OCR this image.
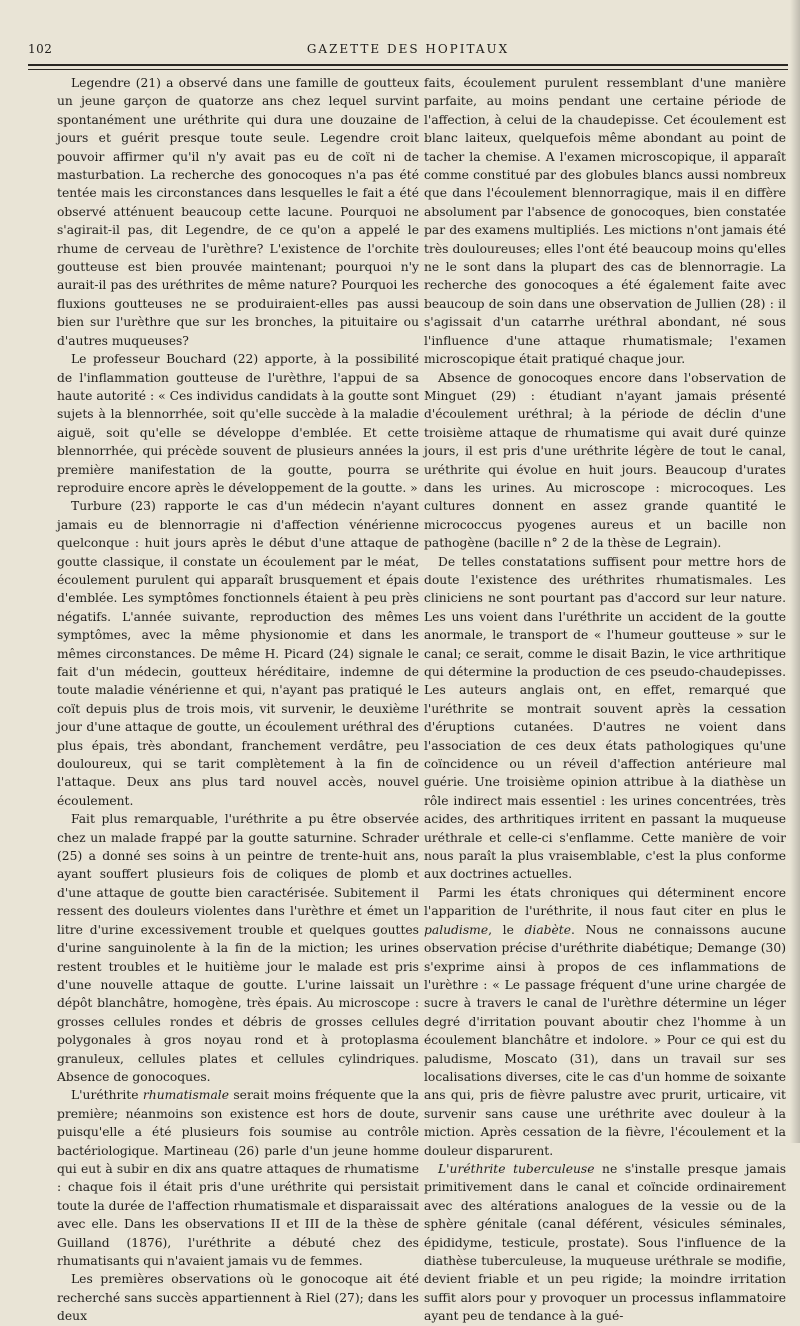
102	GAZETTE DES HOPITAUX

Legendre (21) a observé dans une famille de goutteux un jeune garçon de quatorze ans chez lequel survint spontanément une uréthrite qui dura une douzaine de jours et guérit presque toute seule. Legendre croit pouvoir affirmer qu'il n'y avait pas eu de coït ni de masturbation. La recherche des gonocoques n'a pas été tentée mais les circonstances dans lesquelles le fait a été observé atténuent beaucoup cette lacune. Pourquoi ne s'agirait-il pas, dit Legendre, de ce qu'on a appelé le rhume de cerveau de l'urèthre? L'existence de l'orchite goutteuse est bien prouvée maintenant; pourquoi n'y aurait-il pas des uréthrites de même nature? Pourquoi les fluxions goutteuses ne se produiraient-elles pas aussi bien sur l'urèthre que sur les bronches, la pituitaire ou d'autres muqueuses?

Le professeur Bouchard (22) apporte, à la possibilité de l'inflammation goutteuse de l'urèthre, l'appui de sa haute autorité : « Ces individus candidats à la goutte sont sujets à la blennorrhée, soit qu'elle succède à la maladie aiguë, soit qu'elle se développe d'emblée. Et cette blennorrhée, qui précède souvent de plusieurs années la première manifestation de la goutte, pourra se reproduire encore après le développement de la goutte. »

Turbure (23) rapporte le cas d'un médecin n'ayant jamais eu de blennorragie ni d'affection vénérienne quelconque : huit jours après le début d'une attaque de goutte classique, il constate un écoulement par le méat, écoulement purulent qui apparaît brusquement et épais d'emblée. Les symptômes fonctionnels étaient à peu près négatifs. L'année suivante, reproduction des mêmes symptômes, avec la même physionomie et dans les mêmes circonstances. De même H. Picard (24) signale le fait d'un médecin, goutteux héréditaire, indemne de toute maladie vénérienne et qui, n'ayant pas pratiqué le coït depuis plus de trois mois, vit survenir, le deuxième jour d'une attaque de goutte, un écoulement uréthral des plus épais, très abondant, franchement verdâtre, peu douloureux, qui se tarit complètement à la fin de l'attaque. Deux ans plus tard nouvel accès, nouvel écoulement.

Fait plus remarquable, l'uréthrite a pu être observée chez un malade frappé par la goutte saturnine. Schrader (25) a donné ses soins à un peintre de trente-huit ans, ayant souffert plusieurs fois de coliques de plomb et d'une attaque de goutte bien caractérisée. Subitement il ressent des douleurs violentes dans l'urèthre et émet un litre d'urine excessivement trouble et quelques gouttes d'urine sanguinolente à la fin de la miction; les urines restent troubles et le huitième jour le malade est pris d'une nouvelle attaque de goutte. L'urine laissait un dépôt blanchâtre, homogène, très épais. Au microscope : grosses cellules rondes et débris de grosses cellules polygonales à gros noyau rond et à protoplasma granuleux, cellules plates et cellules cylindriques. Absence de gonocoques.

L'uréthrite rhumatismale serait moins fréquente que la première; néanmoins son existence est hors de doute, puisqu'elle a été plusieurs fois soumise au contrôle bactériologique. Martineau (26) parle d'un jeune homme qui eut à subir en dix ans quatre attaques de rhumatisme : chaque fois il était pris d'une uréthrite qui persistait toute la durée de l'affection rhumatismale et disparaissait avec elle. Dans les observations II et III de la thèse de Guilland (1876), l'uréthrite a débuté chez des rhumatisants qui n'avaient jamais vu de femmes.

Les premières observations où le gonocoque ait été recherché sans succès appartiennent à Riel (27); dans les deux

faits, écoulement purulent ressemblant d'une manière parfaite, au moins pendant une certaine période de l'affection, à celui de la chaudepisse. Cet écoulement est blanc laiteux, quelquefois même abondant au point de tacher la chemise. A l'examen microscopique, il apparaît comme constitué par des globules blancs aussi nombreux que dans l'écoulement blennorragique, mais il en diffère absolument par l'absence de gonocoques, bien constatée par des examens multipliés. Les mictions n'ont jamais été très douloureuses; elles l'ont été beaucoup moins qu'elles ne le sont dans la plupart des cas de blennorragie. La recherche des gonocoques a été également faite avec beaucoup de soin dans une observation de Jullien (28) : il s'agissait d'un catarrhe uréthral abondant, né sous l'influence d'une attaque rhumatismale; l'examen microscopique était pratiqué chaque jour.

Absence de gonocoques encore dans l'observation de Minguet (29) : étudiant n'ayant jamais présenté d'écoulement uréthral; à la période de déclin d'une troisième attaque de rhumatisme qui avait duré quinze jours, il est pris d'une uréthrite légère de tout le canal, uréthrite qui évolue en huit jours. Beaucoup d'urates dans les urines. Au microscope : microcoques. Les cultures donnent en assez grande quantité le micrococcus pyogenes aureus et un bacille non pathogène (bacille n° 2 de la thèse de Legrain).

De telles constatations suffisent pour mettre hors de doute l'existence des uréthrites rhumatismales. Les cliniciens ne sont pourtant pas d'accord sur leur nature. Les uns voient dans l'uréthrite un accident de la goutte anormale, le transport de « l'humeur goutteuse » sur le canal; ce serait, comme le disait Bazin, le vice arthritique qui détermine la production de ces pseudo-chaudepisses. Les auteurs anglais ont, en effet, remarqué que l'uréthrite se montrait souvent après la cessation d'éruptions cutanées. D'autres ne voient dans l'association de ces deux états pathologiques qu'une coïncidence ou un réveil d'affection antérieure mal guérie. Une troisième opinion attribue à la diathèse un rôle indirect mais essentiel : les urines concentrées, très acides, des arthritiques irritent en passant la muqueuse uréthrale et celle-ci s'enflamme. Cette manière de voir nous paraît la plus vraisemblable, c'est la plus conforme aux doctrines actuelles.

Parmi les états chroniques qui déterminent encore l'apparition de l'uréthrite, il nous faut citer en plus le paludisme, le diabète. Nous ne connaissons aucune observation précise d'uréthrite diabétique; Demange (30) s'exprime ainsi à propos de ces inflammations de l'urèthre : « Le passage fréquent d'une urine chargée de sucre à travers le canal de l'urèthre détermine un léger degré d'irritation pouvant aboutir chez l'homme à un écoulement blanchâtre et indolore. » Pour ce qui est du paludisme, Moscato (31), dans un travail sur ses localisations diverses, cite le cas d'un homme de soixante ans qui, pris de fièvre palustre avec prurit, urticaire, vit survenir sans cause une uréthrite avec douleur à la miction. Après cessation de la fièvre, l'écoulement et la douleur disparurent.

L'uréthrite tuberculeuse ne s'installe presque jamais primitivement dans le canal et coïncide ordinairement avec des altérations analogues de la vessie ou de la sphère génitale (canal déférent, vésicules séminales, épididyme, testicule, prostate). Sous l'influence de la diathèse tuberculeuse, la muqueuse uréthrale se modifie, devient friable et un peu rigide; la moindre irritation suffit alors pour y provoquer un processus inflammatoire ayant peu de tendance à la gué-
